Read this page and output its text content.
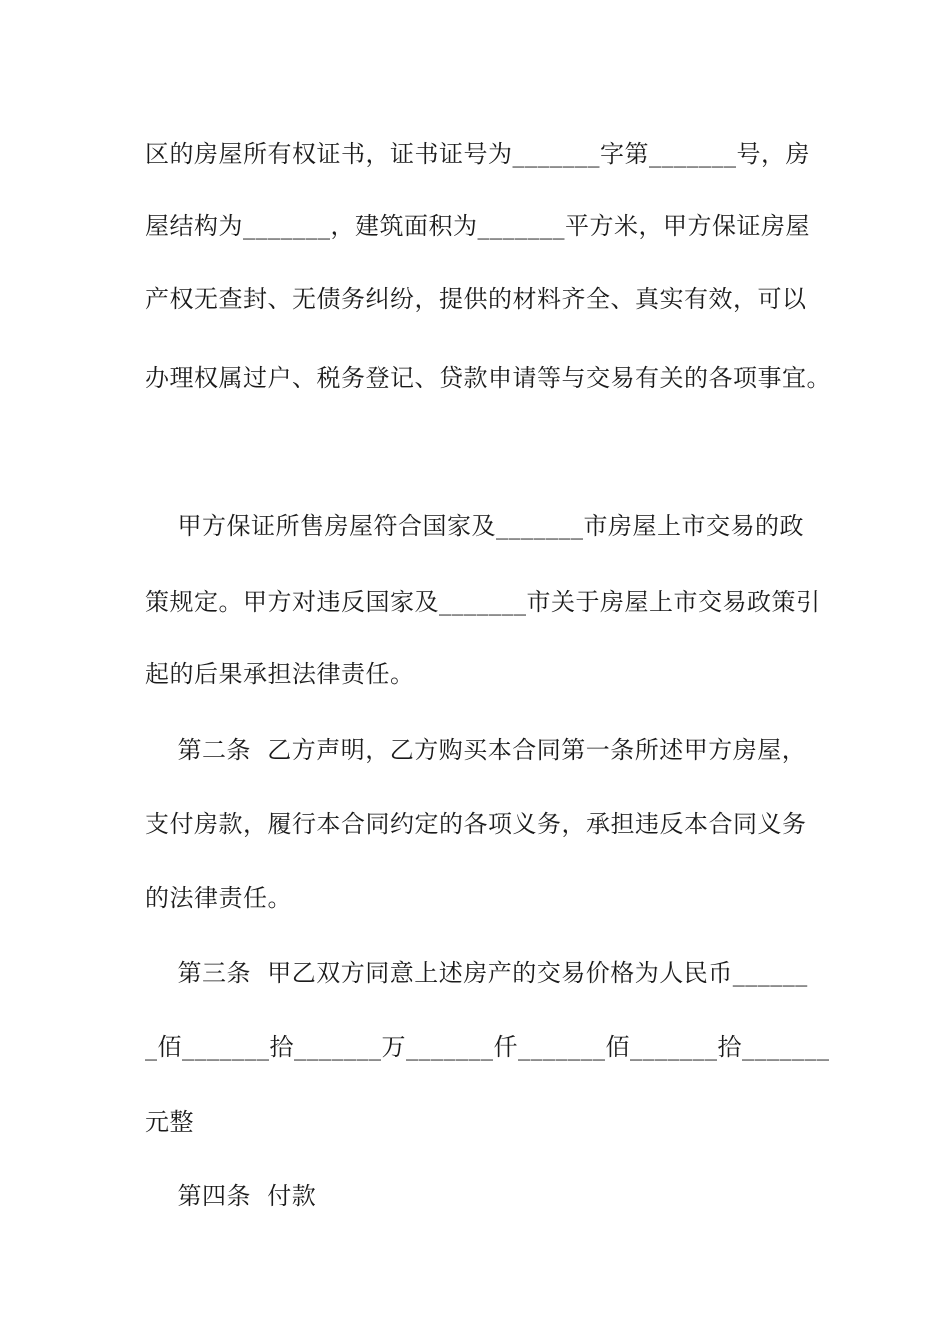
区的房屋所有权证书，证书证号为_______字第_______号，房
屋结构为_______，建筑面积为_______平方米，甲方保证房屋
产权无查封、无债务纠纷，提供的材料齐全、真实有效，可以
办理权属过户、税务登记、贷款申请等与交易有关的各项事宜。
甲方保证所售房屋符合国家及_______市房屋上市交易的政
策规定。甲方对违反国家及_______市关于房屋上市交易政策引
起的后果承担法律责任。
第二条  乙方声明，乙方购买本合同第一条所述甲方房屋，
支付房款，履行本合同约定的各项义务，承担违反本合同义务
的法律责任。
第三条  甲乙双方同意上述房产的交易价格为人民币______
_佰_______拾_______万_______仟_______佰_______拾_______
元整
第四条  付款
